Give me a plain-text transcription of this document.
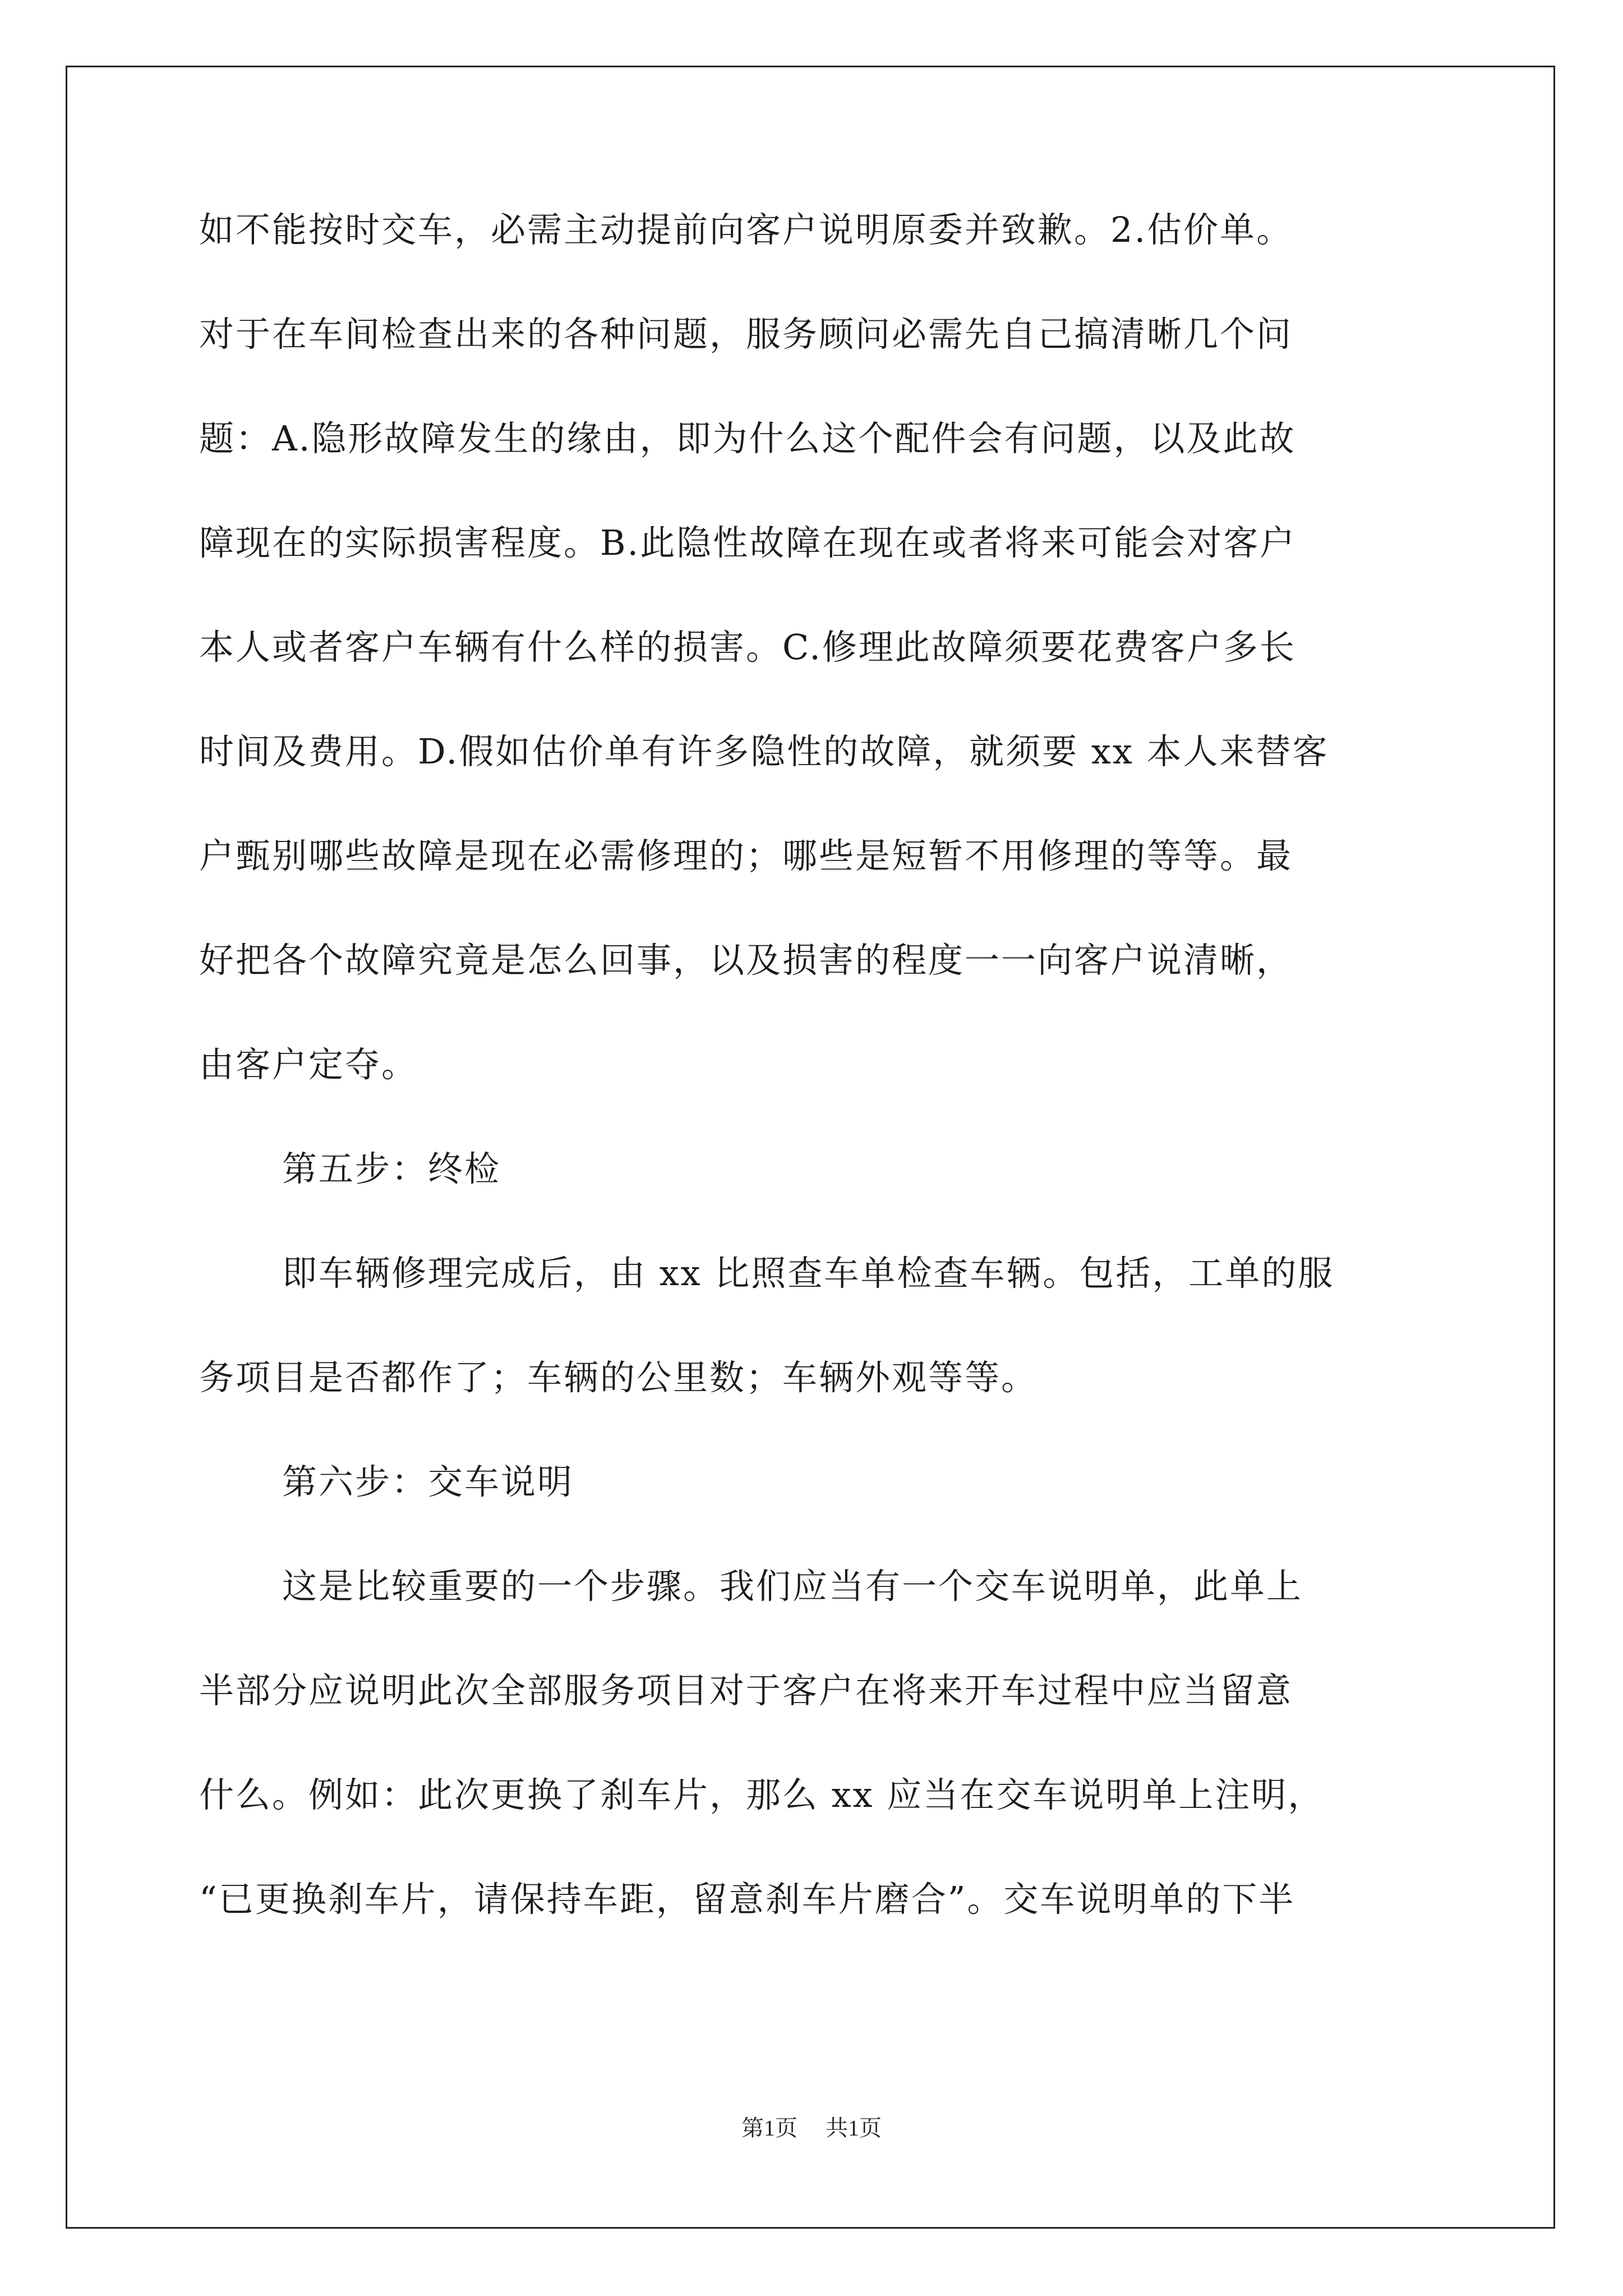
如不能按时交车，必需主动提前向客户说明原委并致歉。2.估价单。
对于在车间检查出来的各种问题，服务顾问必需先自己搞清晰几个问
题：A.隐形故障发生的缘由，即为什么这个配件会有问题，以及此故
障现在的实际损害程度。B.此隐性故障在现在或者将来可能会对客户
本人或者客户车辆有什么样的损害。C.修理此故障须要花费客户多长
时间及费用。D.假如估价单有许多隐性的故障，就须要 xx 本人来替客
户甄别哪些故障是现在必需修理的；哪些是短暂不用修理的等等。最
好把各个故障究竟是怎么回事，以及损害的程度一一向客户说清晰，
由客户定夺。
第五步：终检
即车辆修理完成后，由 xx 比照查车单检查车辆。包括，工单的服
务项目是否都作了；车辆的公里数；车辆外观等等。
第六步：交车说明
这是比较重要的一个步骤。我们应当有一个交车说明单，此单上
半部分应说明此次全部服务项目对于客户在将来开车过程中应当留意
什么。例如：此次更换了刹车片，那么 xx 应当在交车说明单上注明，
“已更换刹车片，请保持车距，留意刹车片磨合”。交车说明单的下半
第1页 共1页
